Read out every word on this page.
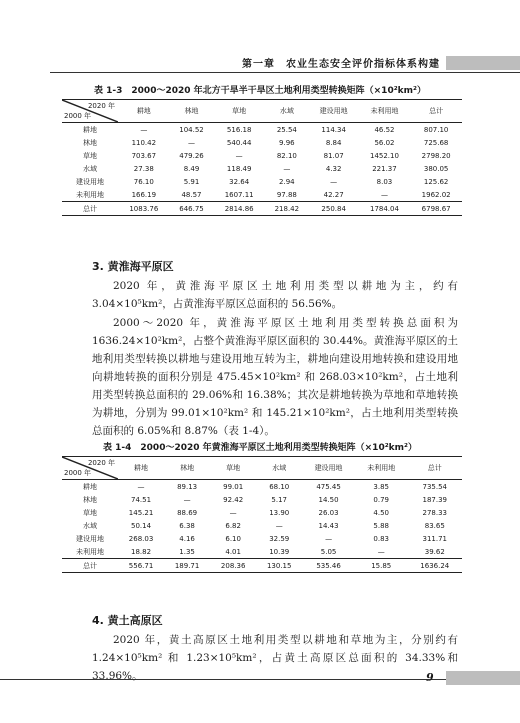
第一章　农业生态安全评价指标体系构建
表 1-3　2000～2020 年北方干旱半干旱区土地利用类型转换矩阵（×10²km²）
2020 年
2000 年	耕地	林地	草地	水域	建设用地	未利用地	总计
耕地	—	104.52	516.18	25.54	114.34	46.52	807.10
林地	110.42	—	540.44	9.96	8.84	56.02	725.68
草地	703.67	479.26	—	82.10	81.07	1452.10	2798.20
水域	27.38	8.49	118.49	—	4.32	221.37	380.05
建设用地	76.10	5.91	32.64	2.94	—	8.03	125.62
未利用地	166.19	48.57	1607.11	97.88	42.27	—	1962.02
总计	1083.76	646.75	2814.86	218.42	250.84	1784.04	6798.67
3. 黄淮海平原区
2020 年，黄淮海平原区土地利用类型以耕地为主，约有 3.04×10⁵km²，占黄淮海平原区总面积的 56.56%。
2000～2020 年，黄淮海平原区土地利用类型转换总面积为 1636.24×10²km²，占整个黄淮海平原区面积的 30.44%。黄淮海平原区的土地利用类型转换以耕地与建设用地互转为主，耕地向建设用地转换和建设用地向耕地转换的面积分别是 475.45×10²km² 和 268.03×10²km²，占土地利用类型转换总面积的 29.06%和 16.38%；其次是耕地转换为草地和草地转换为耕地，分别为 99.01×10²km² 和 145.21×10²km²，占土地利用类型转换总面积的 6.05%和 8.87%（表 1-4）。
表 1-4　2000～2020 年黄淮海平原区土地利用类型转换矩阵（×10²km²）
2020 年
2000 年	耕地	林地	草地	水域	建设用地	未利用地	总计
耕地	—	89.13	99.01	68.10	475.45	3.85	735.54
林地	74.51	—	92.42	5.17	14.50	0.79	187.39
草地	145.21	88.69	—	13.90	26.03	4.50	278.33
水域	50.14	6.38	6.82	—	14.43	5.88	83.65
建设用地	268.03	4.16	6.10	32.59	—	0.83	311.71
未利用地	18.82	1.35	4.01	10.39	5.05	—	39.62
总计	556.71	189.71	208.36	130.15	535.46	15.85	1636.24
4. 黄土高原区
2020 年，黄土高原区土地利用类型以耕地和草地为主，分别约有 1.24×10⁵km² 和 1.23×10⁵km²，占黄土高原区总面积的 34.33%和 33.96%。	9
